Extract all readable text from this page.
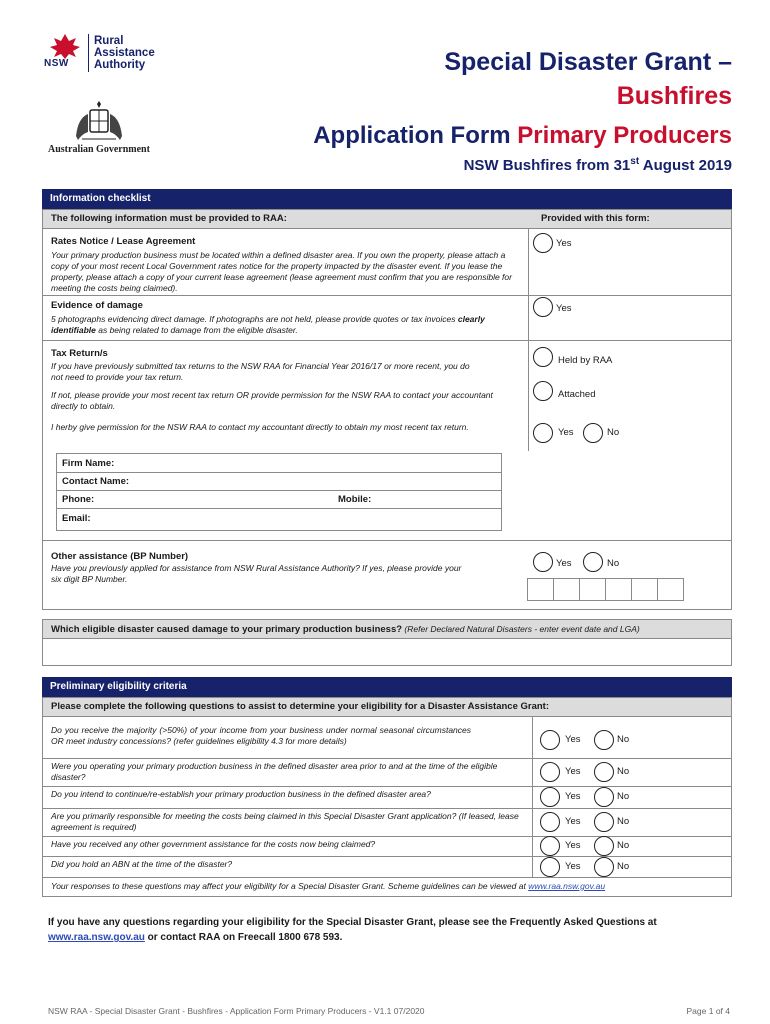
NSW
Rural
Assistance
Authority
Australian Government
Special Disaster Grant –
Bushfires
Application Form Primary Producers
NSW Bushfires from 31st August 2019
Information checklist
The following information must be provided to RAA:	Provided with this form:
Rates Notice / Lease Agreement
Your primary production business must be located within a defined disaster area. If you own the property, please attach a copy of your most recent Local Government rates notice for the property impacted by the disaster event. If you lease the property, please attach a copy of your current lease agreement (lease agreement must confirm that you are responsible for meeting the costs being claimed).
Yes
Evidence of damage
5 photographs evidencing direct damage. If photographs are not held, please provide quotes or tax invoices clearly identifiable as being related to damage from the eligible disaster.
Yes
Tax Return/s
If you have previously submitted tax returns to the NSW RAA for Financial Year 2016/17 or more recent, you do not need to provide your tax return.
Held by RAA
If not, please provide your most recent tax return OR provide permission for the NSW RAA to contact your accountant directly to obtain.
Attached
I herby give permission for the NSW RAA to contact my accountant directly to obtain my most recent tax return.	Yes	No
Firm Name:
Contact Name:
Phone:	Mobile:
Email:
Other assistance (BP Number)
Have you previously applied for assistance from NSW Rural Assistance Authority? If yes, please provide your six digit BP Number.
Yes	No
Which eligible disaster caused damage to your primary production business? (Refer Declared Natural Disasters - enter event date and LGA)
Preliminary eligibility criteria
Please complete the following questions to assist to determine your eligibility for a Disaster Assistance Grant:
Do you receive the majority (>50%) of your income from your business under normal seasonal circumstances OR meet industry concessions? (refer guidelines eligibility 4.3 for more details)	Yes	No
Were you operating your primary production business in the defined disaster area prior to and at the time of the eligible disaster?	Yes	No
Do you intend to continue/re-establish your primary production business in the defined disaster area?	Yes	No
Are you primarily responsible for meeting the costs being claimed in this Special Disaster Grant application? (If leased, lease agreement is required)	Yes	No
Have you received any other government assistance for the costs now being claimed?	Yes	No
Did you hold an ABN at the time of the disaster?	Yes	No
Your responses to these questions may affect your eligibility for a Special Disaster Grant. Scheme guidelines can be viewed at www.raa.nsw.gov.au
If you have any questions regarding your eligibility for the Special Disaster Grant, please see the Frequently Asked Questions at
www.raa.nsw.gov.au or contact RAA on Freecall 1800 678 593.
NSW RAA - Special Disaster Grant - Bushfires - Application Form Primary Producers - V1.1 07/2020	Page 1 of 4
